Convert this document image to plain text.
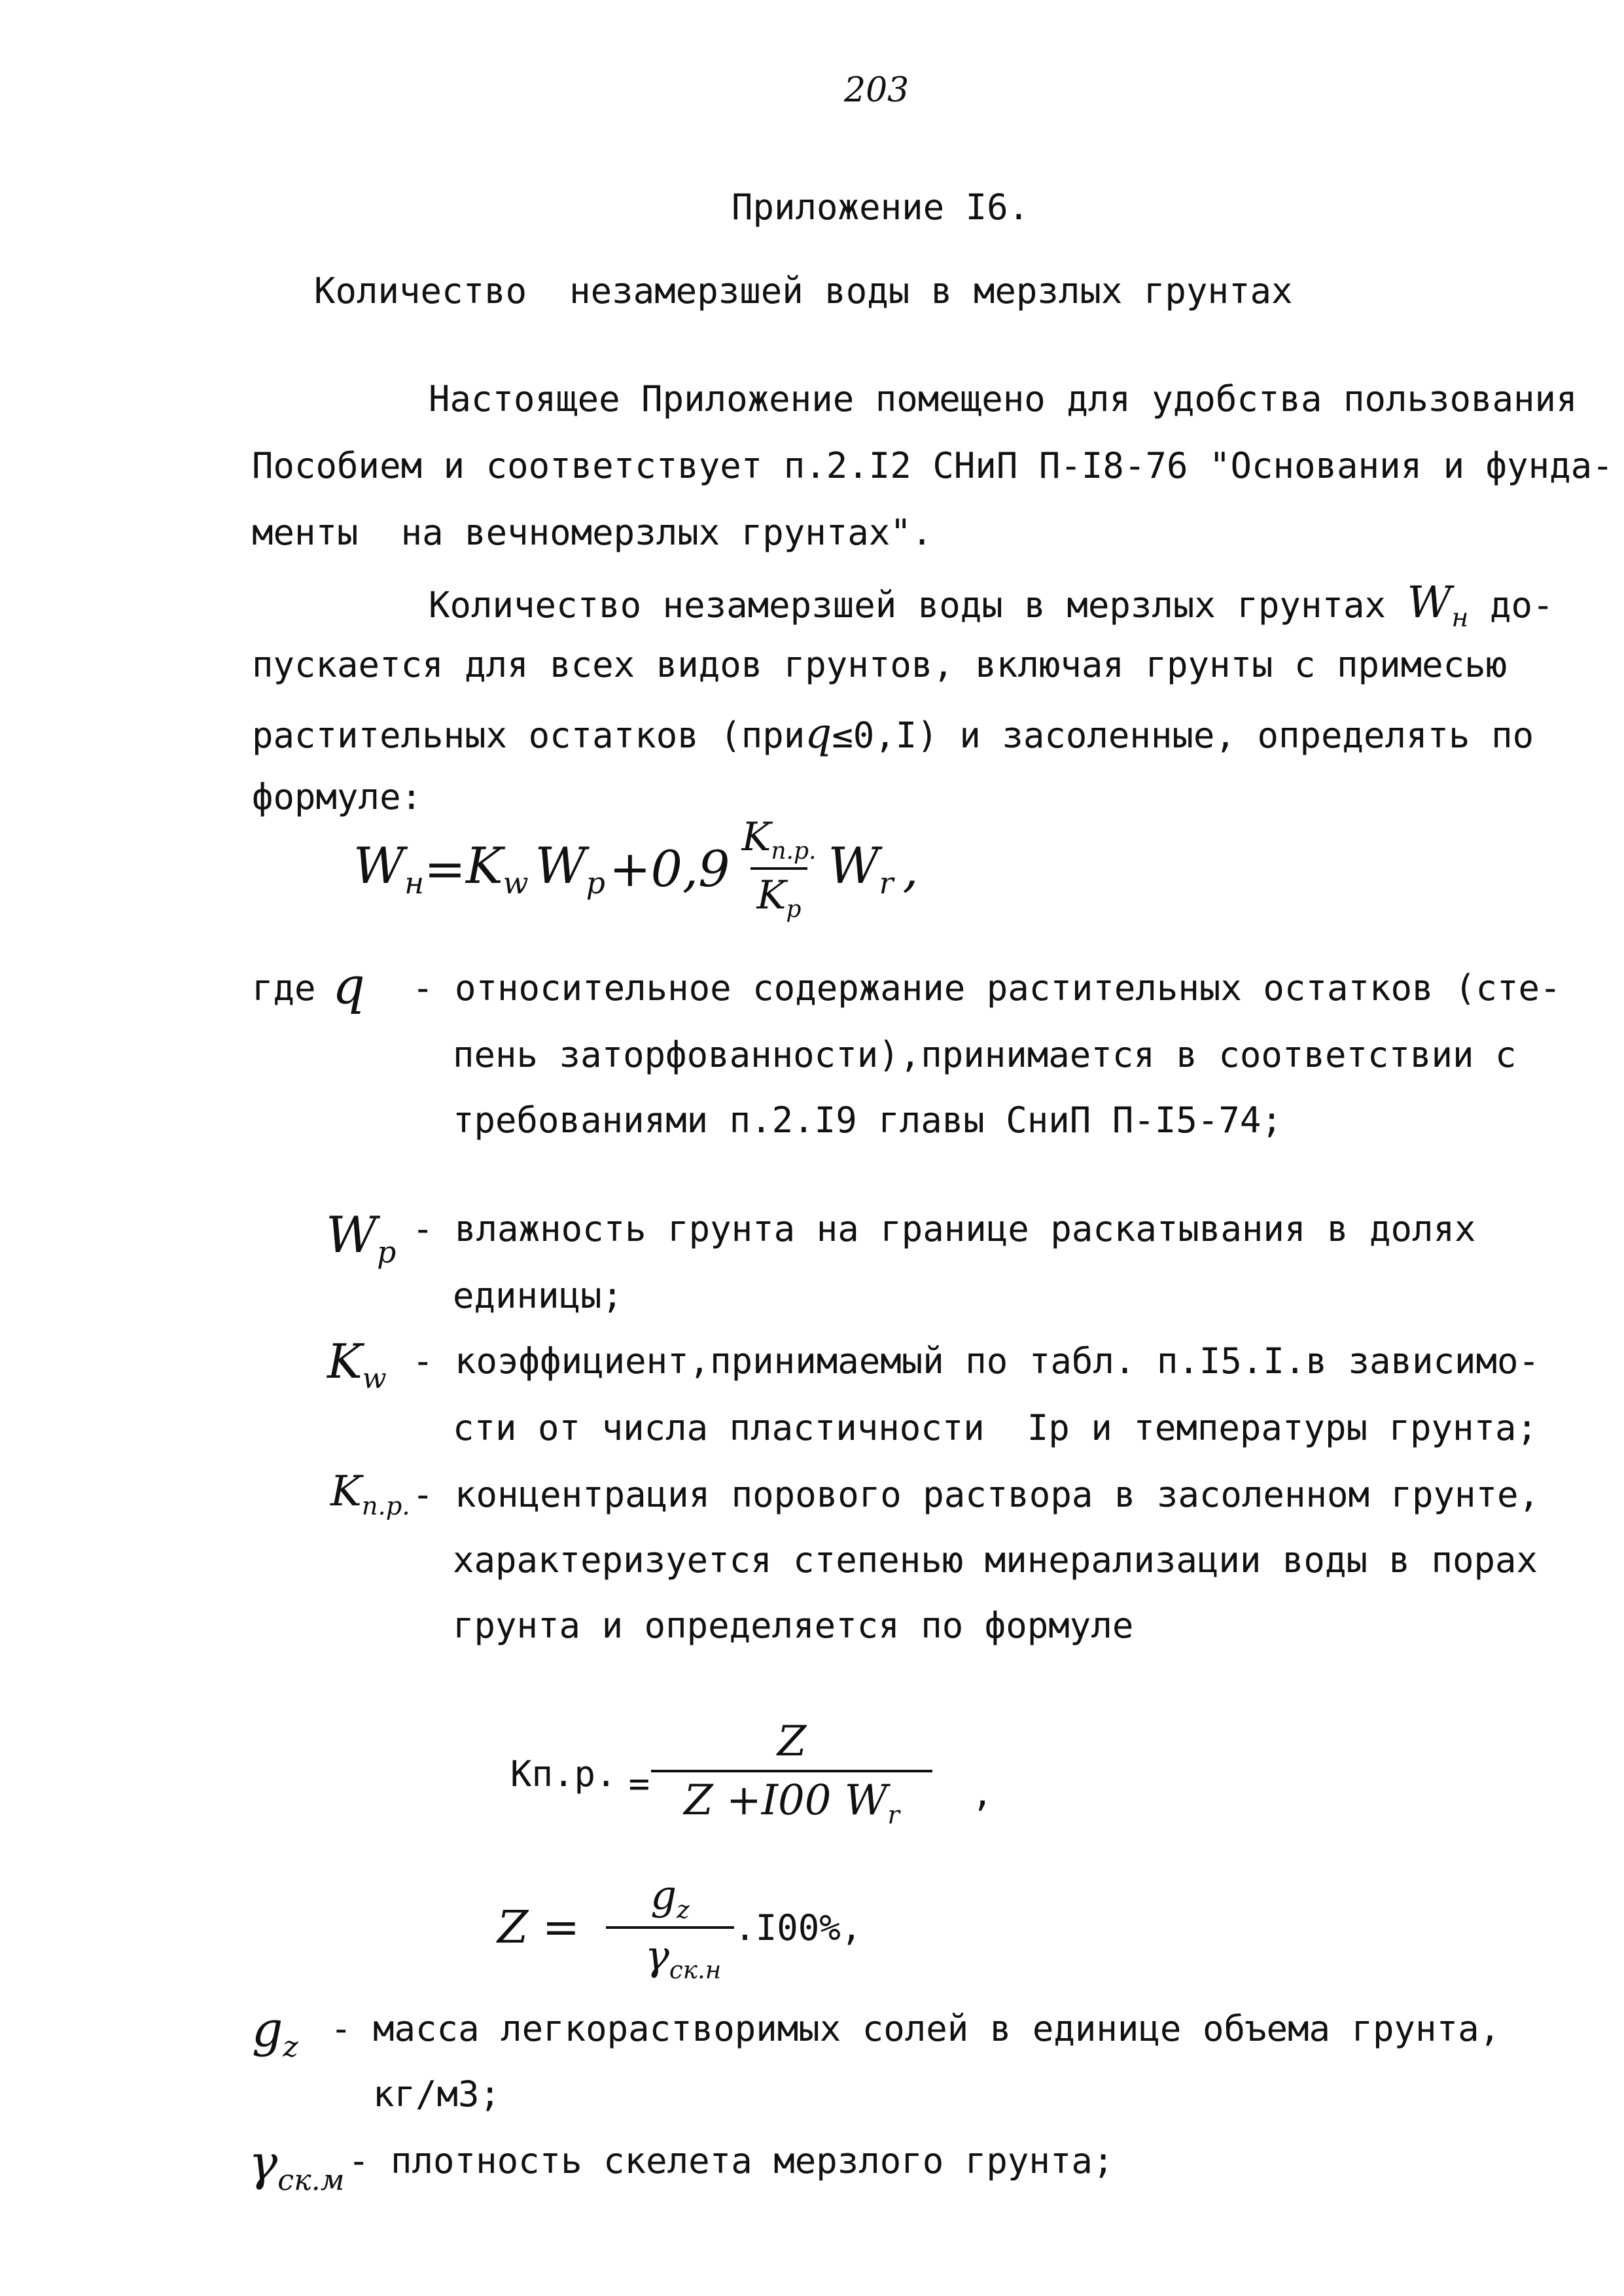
203
Приложение I6.
Количество  незамерзшей воды в мерзлых грунтах
Настоящее Приложение помещено для удобства пользования
Пособием и соответствует п.2.I2 СНиП П-I8-76 "Основания и фунда-
менты  на вечномерзлых грунтах".
Количество незамерзшей воды в мерзлых грунтах $W_н$ до-
пускается для всех видов грунтов, включая грунты с примесью
растительных остатков (приq≤0,I) и засоленные, определять по
формуле:
$W_н = K_w$ $W_p +0,9 \frac{K_{п.р.}}{K_p} W_r$ ,
где q - относительное содержание растительных остатков (сте-
пень заторфованности),принимается в соответствии с
требованиями п.2.I9 главы СниП П-I5-74;
$W_p$
- влажность грунта на границе раскатывания в долях
единицы;
$K_w$ - коэффициент,принимаемый по табл. п.I5.I.в зависимо-
сти от числа пластичности  Ip и температуры грунта;
$K_{п.р.}$ - концентрация порового раствора в засоленном грунте,
характеризуется степенью минерализации воды в порах
грунта и определяется по формуле
Кп.р. = $\frac{Z}{Z +I00 W_r}$ ,
$Z = \frac{g_z}{\gamma_{ск.н}} .I00\%$,
$g_z$ - масса легкорастворимых солей в единице объема грунта,
кг/м3;
$\gamma_{ск.м}$ - плотность скелета мерзлого грунта;
